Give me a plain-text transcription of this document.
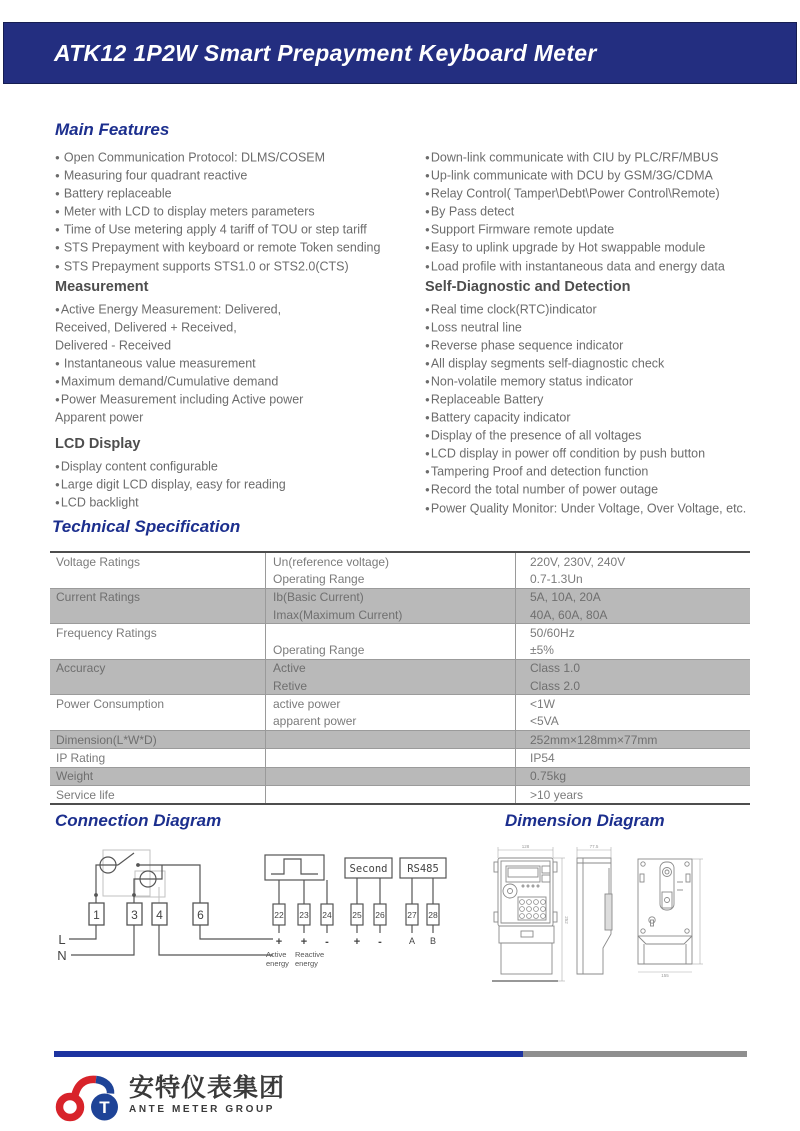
ATK12 1P2W Smart Prepayment Keyboard Meter
Main Features
● Open Communication Protocol: DLMS/COSEM
● Measuring four quadrant reactive
● Battery replaceable
● Meter with LCD to display meters parameters
● Time of Use metering apply 4 tariff of TOU or step tariff
● STS Prepayment with keyboard or remote Token sending
● STS Prepayment supports STS1.0 or STS2.0(CTS)
● Down-link communicate with CIU by PLC/RF/MBUS
● Up-link communicate with DCU by GSM/3G/CDMA
● Relay Control( Tamper\Debt\Power Control\Remote)
● By Pass detect
● Support Firmware remote update
● Easy to uplink upgrade by Hot swappable module
● Load profile with instantaneous data and energy data
Measurement
● Active Energy Measurement: Delivered,
Received, Delivered + Received,
Delivered - Received
● Instantaneous value measurement
● Maximum demand/Cumulative demand
● Power Measurement including Active power
Apparent power
Self-Diagnostic and Detection
● Real time clock(RTC)indicator
● Loss neutral line
● Reverse phase sequence indicator
● All display segments self-diagnostic check
● Non-volatile memory status indicator
● Replaceable Battery
● Battery capacity indicator
● Display of the presence of all voltages
● LCD display in power off condition by push button
● Tampering Proof and detection function
● Record the total number of power outage
● Power Quality Monitor: Under Voltage, Over Voltage, etc.
LCD Display
● Display content configurable
● Large digit LCD display, easy for reading
● LCD backlight
Technical Specification
Voltage Ratings	Un(reference voltage)	220V, 230V, 240V
Operating Range	0.7-1.3Un
Current Ratings	Ib(Basic Current)	5A, 10A, 20A
Imax(Maximum Current)	40A, 60A, 80A
Frequency Ratings	50/60Hz
Operating Range	±5%
Accuracy	Active	Class 1.0
Retive	Class 2.0
Power Consumption	active power	<1W
apparent power	<5VA
Dimension(L*W*D)	252mm×128mm×77mm
IP Rating	IP54
Weight	0.75kg
Service life	>10 years
Connection Diagram	Dimension Diagram
1	3 4	6
L
N
22 23 24 25 26	27 28
+ + - + -	A B
Second RS485
Active
energy
Reactive
energy
128	77.5
252
155
T
安特仪表集团
ANTE METER GROUP
